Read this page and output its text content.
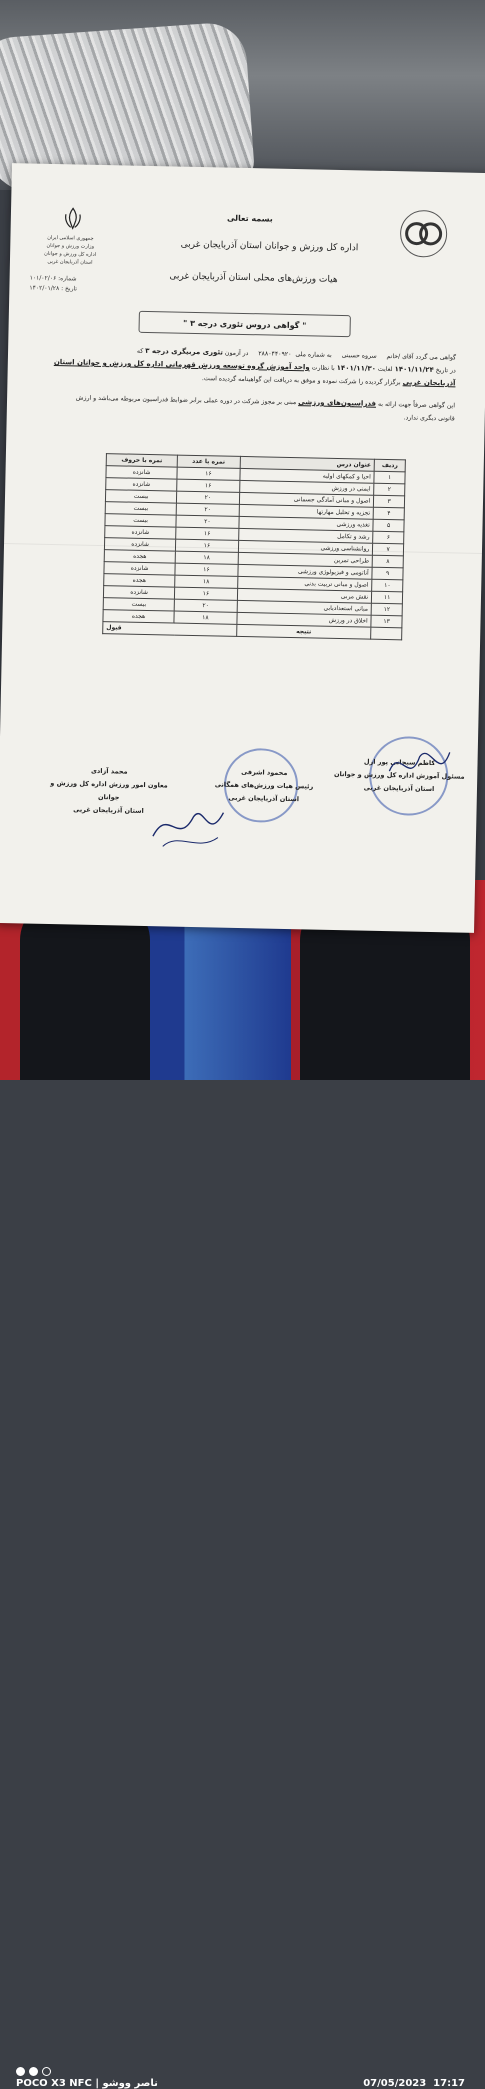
بسمه تعالی
اداره کل ورزش و جوانان استان آذربایجان غربی
هیات ورزش‌های محلی استان آذربایجان غربی
​
جمهوری اسلامی ایران
وزارت ورزش و جوانان
اداره کل ورزش و جوانان
استان آذربایجان غربی
شماره: ۱۰۱/۰۲/۰۶
تاریخ : ۱۴۰۲/۰۱/۲۸
" گواهی دروس تئوری درجه ۳ "
گواهی می گردد آقای /خانم     سروه حسینی     به شماره ملی  ۲۸۸۰۴۴۰۹۲۰     در آزمون تئوری مربیگری درجه ۳ که
در تاریخ ۱۴۰۱/۱۱/۲۴ لغایت ۱۴۰۱/۱۱/۳۰ با نظارت واحد آموزش گروه توسعه ورزش قهرمانی اداره کل ورزش و جوانان استان
آذربایجان غربی برگزار گردیده را شرکت نموده و موفق به دریافت این گواهینامه گردیده است.
این گواهی صرفاً جهت ارائه به فدراسیون‌های ورزشی مبنی بر مجوز شرکت در دوره عملی برابر ضوابط فدراسیون مربوطه می‌باشد و ارزش
قانونی دیگری ندارد.
ردیف	عنوان درس	نمره با عدد	نمره با حروف
۱	احیا و کمکهای اولیه	۱۶	شانزده
۲	ایمنی در ورزش	۱۶	شانزده
۳	اصول و مبانی آمادگی جسمانی	۲۰	بیست
۴	تجزیه و تحلیل مهارتها	۲۰	بیست
۵	تغذیه ورزشی	۲۰	بیست
۶	رشد و تکامل	۱۶	شانزده
۷	روانشناسی ورزشی	۱۶	شانزده
۸	طراحی تمرین	۱۸	هجده
۹	آناتومی و فیزیولوژی ورزشی	۱۶	شانزده
۱۰	اصول و مبانی تربیت بدنی	۱۸	هجده
۱۱	نقش مربی	۱۶	شانزده
۱۲	مبانی استعدادیابی	۲۰	بیست
۱۳	اخلاق در ورزش	۱۸	هجده
	نتیجه	قبول	
محمد آزادی
معاون امور ورزش اداره کل ورزش و جوانان
استان آذربایجان غربی
محمود اشرفی
رئیس هیات ورزش‌های همگانی
استان آذربایجان غربی
کاظم سبحانی پور ازل
مسئول آموزش اداره کل ورزش و جوانان
استان آذربایجان غربی
POCO X3 NFC | ناصر ووشو	07/05/2023 17:17
